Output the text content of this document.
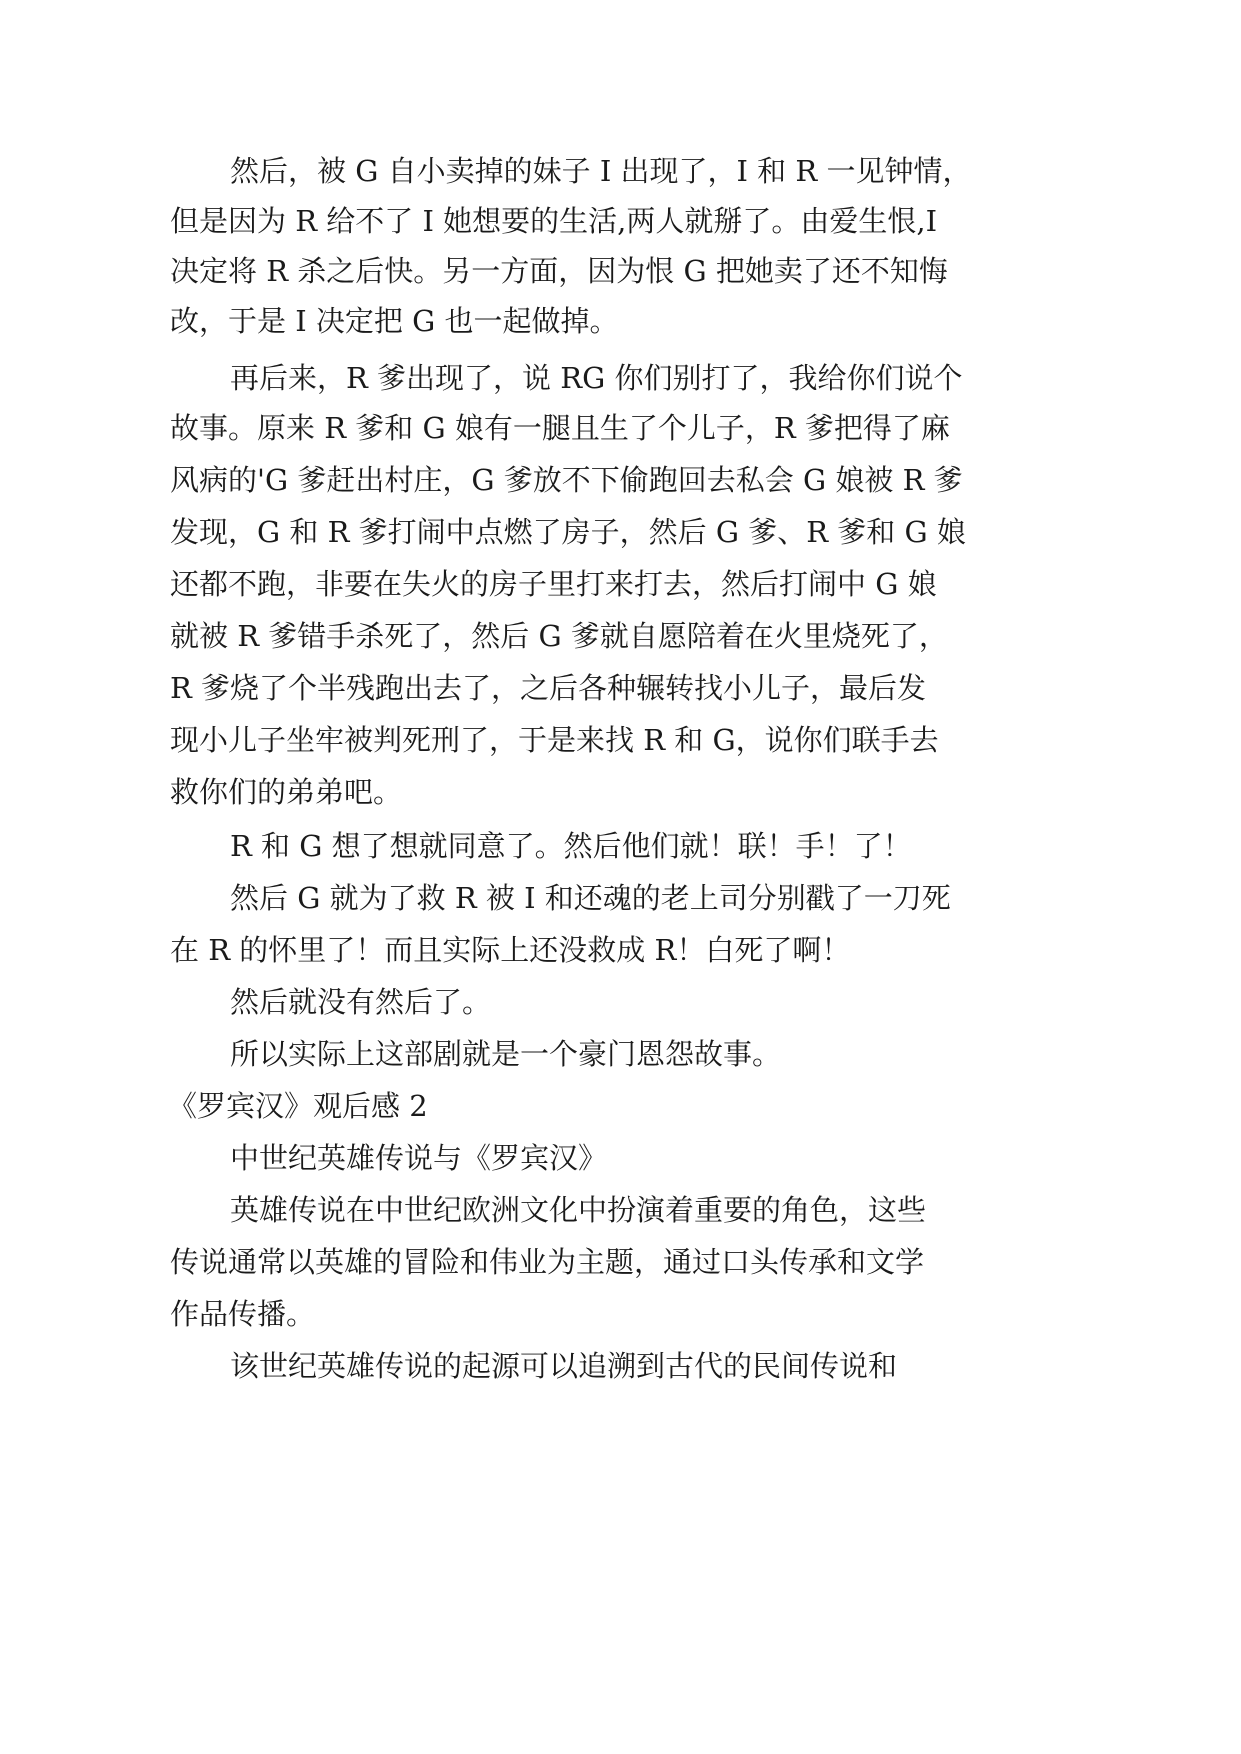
然后，被 G 自小卖掉的妹子 I 出现了，I 和 R 一见钟情，
但是因为 R 给不了 I 她想要的生活,两人就掰了。由爱生恨,I
决定将 R 杀之后快。另一方面，因为恨 G 把她卖了还不知悔
改，于是 I 决定把 G 也一起做掉。
再后来，R 爹出现了，说 RG 你们别打了，我给你们说个
故事。原来 R 爹和 G 娘有一腿且生了个儿子，R 爹把得了麻
风病的'G 爹赶出村庄，G 爹放不下偷跑回去私会 G 娘被 R 爹
发现，G 和 R 爹打闹中点燃了房子，然后 G 爹、R 爹和 G 娘
还都不跑，非要在失火的房子里打来打去，然后打闹中 G 娘
就被 R 爹错手杀死了，然后 G 爹就自愿陪着在火里烧死了，
R 爹烧了个半残跑出去了，之后各种辗转找小儿子，最后发
现小儿子坐牢被判死刑了，于是来找 R 和 G，说你们联手去
救你们的弟弟吧。
R 和 G 想了想就同意了。然后他们就！联！手！了！
然后 G 就为了救 R 被 I 和还魂的老上司分别戳了一刀死
在 R 的怀里了！而且实际上还没救成 R！白死了啊！
然后就没有然后了。
所以实际上这部剧就是一个豪门恩怨故事。
《罗宾汉》观后感 2
中世纪英雄传说与《罗宾汉》
英雄传说在中世纪欧洲文化中扮演着重要的角色，这些
传说通常以英雄的冒险和伟业为主题，通过口头传承和文学
作品传播。
该世纪英雄传说的起源可以追溯到古代的民间传说和
